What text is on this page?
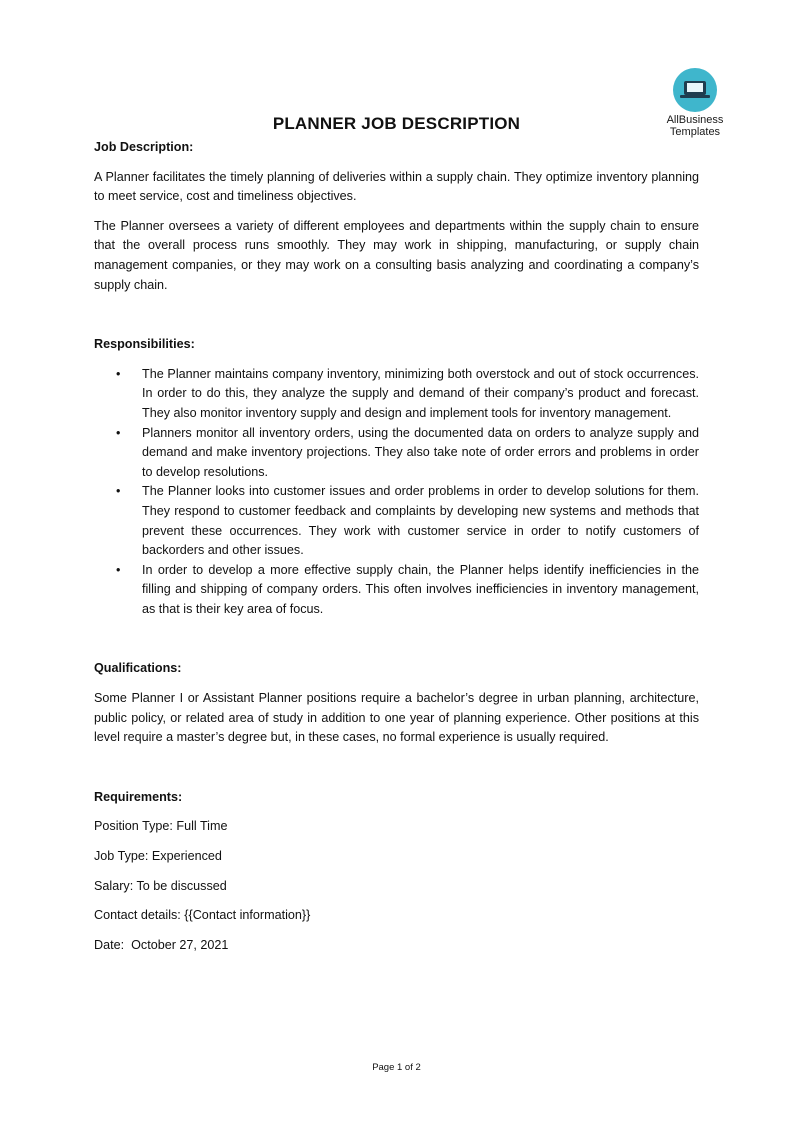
AllBusiness
Templates
PLANNER JOB DESCRIPTION

Job Description:

A Planner facilitates the timely planning of deliveries within a supply chain. They optimize inventory planning to meet service, cost and timeliness objectives.

The Planner oversees a variety of different employees and departments within the supply chain to ensure that the overall process runs smoothly. They may work in shipping, manufacturing, or supply chain management companies, or they may work on a consulting basis analyzing and coordinating a company’s supply chain.

Responsibilities:

• The Planner maintains company inventory, minimizing both overstock and out of stock occurrences. In order to do this, they analyze the supply and demand of their company’s product and forecast. They also monitor inventory supply and design and implement tools for inventory management.
• Planners monitor all inventory orders, using the documented data on orders to analyze supply and demand and make inventory projections. They also take note of order errors and problems in order to develop resolutions.
• The Planner looks into customer issues and order problems in order to develop solutions for them. They respond to customer feedback and complaints by developing new systems and methods that prevent these occurrences. They work with customer service in order to notify customers of backorders and other issues.
• In order to develop a more effective supply chain, the Planner helps identify inefficiencies in the filling and shipping of company orders. This often involves inefficiencies in inventory management, as that is their key area of focus.

Qualifications:

Some Planner I or Assistant Planner positions require a bachelor’s degree in urban planning, architecture, public policy, or related area of study in addition to one year of planning experience. Other positions at this level require a master’s degree but, in these cases, no formal experience is usually required.

Requirements:

Position Type: Full Time

Job Type: Experienced

Salary: To be discussed

Contact details: {{Contact information}}

Date:  October 27, 2021

Page 1 of 2
